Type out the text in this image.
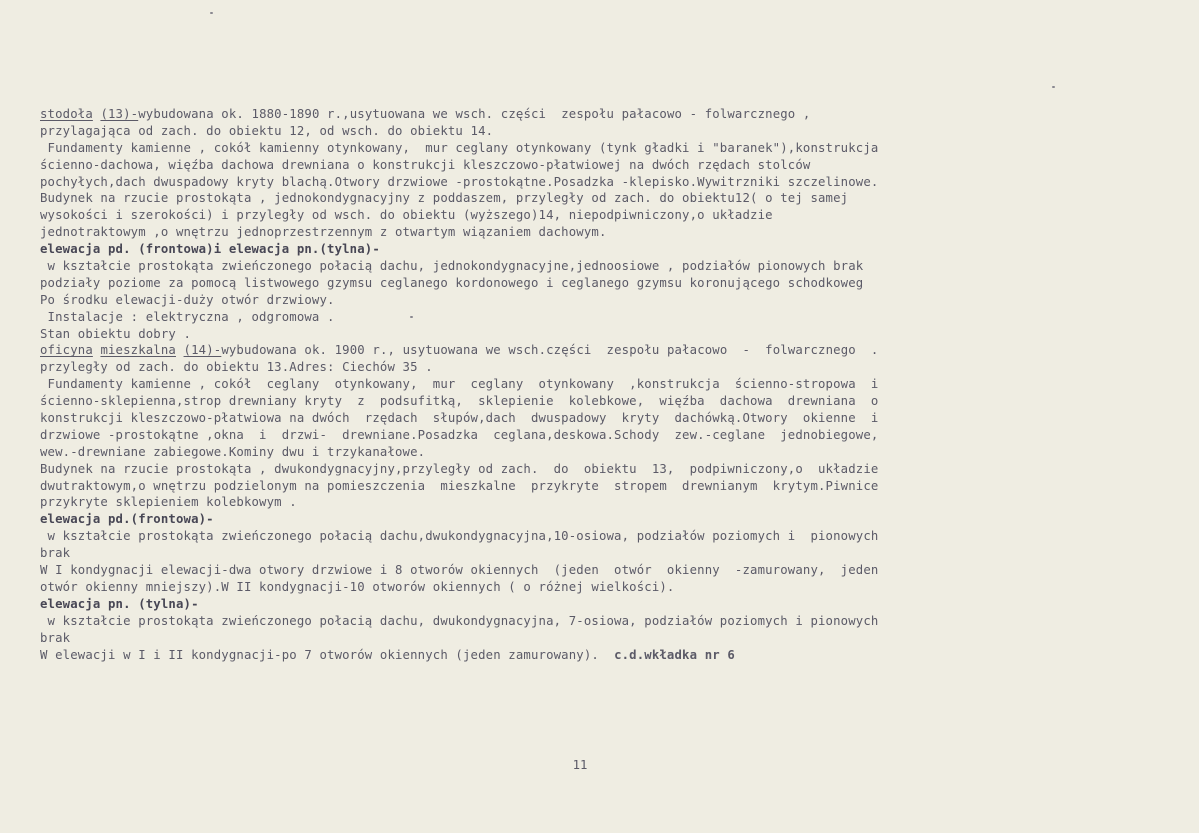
stodoła (13)-wybudowana ok. 1880-1890 r.,usytuowana we wsch. części  zespołu pałacowo - folwarcznego ,
przylagająca od zach. do obiektu 12, od wsch. do obiektu 14.
Fundamenty kamienne , cokół kamienny otynkowany,  mur ceglany otynkowany (tynk gładki i "baranek"),konstrukcja
ścienno-dachowa, więźba dachowa drewniana o konstrukcji kleszczowo-płatwiowej na dwóch rzędach stolców
pochyłych,dach dwuspadowy kryty blachą.Otwory drzwiowe -prostokątne.Posadzka -klepisko.Wywitrzniki szczelinowe.
Budynek na rzucie prostokąta , jednokondygnacyjny z poddaszem, przyległy od zach. do obiektu12( o tej samej
wysokości i szerokości) i przyległy od wsch. do obiektu (wyższego)14, niepodpiwniczony,o układzie
jednotraktowym ,o wnętrzu jednoprzestrzennym z otwartym wiązaniem dachowym.
elewacja pd. (frontowa)i elewacja pn.(tylna)-
w kształcie prostokąta zwieńczonego połacią dachu, jednokondygnacyjne,jednoosiowe , podziałów pionowych brak
podziały poziome za pomocą listwowego gzymsu ceglanego kordonowego i ceglanego gzymsu koronującego schodkoweg
Po środku elewacji-duży otwór drzwiowy.
Instalacje : elektryczna , odgromowa .
Stan obiektu dobry .
oficyna mieszkalna (14)-wybudowana ok. 1900 r., usytuowana we wsch.części  zespołu pałacowo  -  folwarcznego  .
przyległy od zach. do obiektu 13.Adres: Ciechów 35 .
Fundamenty kamienne , cokół  ceglany  otynkowany,  mur  ceglany  otynkowany  ,konstrukcja  ścienno-stropowa  i
ścienno-sklepienna,strop drewniany kryty  z  podsufitką,  sklepienie  kolebkowe,  więźba  dachowa  drewniana  o
konstrukcji kleszczowo-płatwiowa na dwóch  rzędach  słupów,dach  dwuspadowy  kryty  dachówką.Otwory  okienne  i
drzwiowe -prostokątne ,okna  i  drzwi-  drewniane.Posadzka  ceglana,deskowa.Schody  zew.-ceglane  jednobiegowe,
wew.-drewniane zabiegowe.Kominy dwu i trzykanałowe.
Budynek na rzucie prostokąta , dwukondygnacyjny,przyległy od zach.  do  obiektu  13,  podpiwniczony,o  układzie
dwutraktowym,o wnętrzu podzielonym na pomieszczenia  mieszkalne  przykryte  stropem  drewnianym  krytym.Piwnice
przykryte sklepieniem kolebkowym .
elewacja pd.(frontowa)-
w kształcie prostokąta zwieńczonego połacią dachu,dwukondygnacyjna,10-osiowa, podziałów poziomych i  pionowych
brak
W I kondygnacji elewacji-dwa otwory drzwiowe i 8 otworów okiennych  (jeden  otwór  okienny  -zamurowany,  jeden
otwór okienny mniejszy).W II kondygnacji-10 otworów okiennych ( o różnej wielkości).
elewacja pn. (tylna)-
w kształcie prostokąta zwieńczonego połacią dachu, dwukondygnacyjna, 7-osiowa, podziałów poziomych i pionowych
brak
W elewacji w I i II kondygnacji-po 7 otworów okiennych (jeden zamurowany).  c.d.wkładka nr 6
11
